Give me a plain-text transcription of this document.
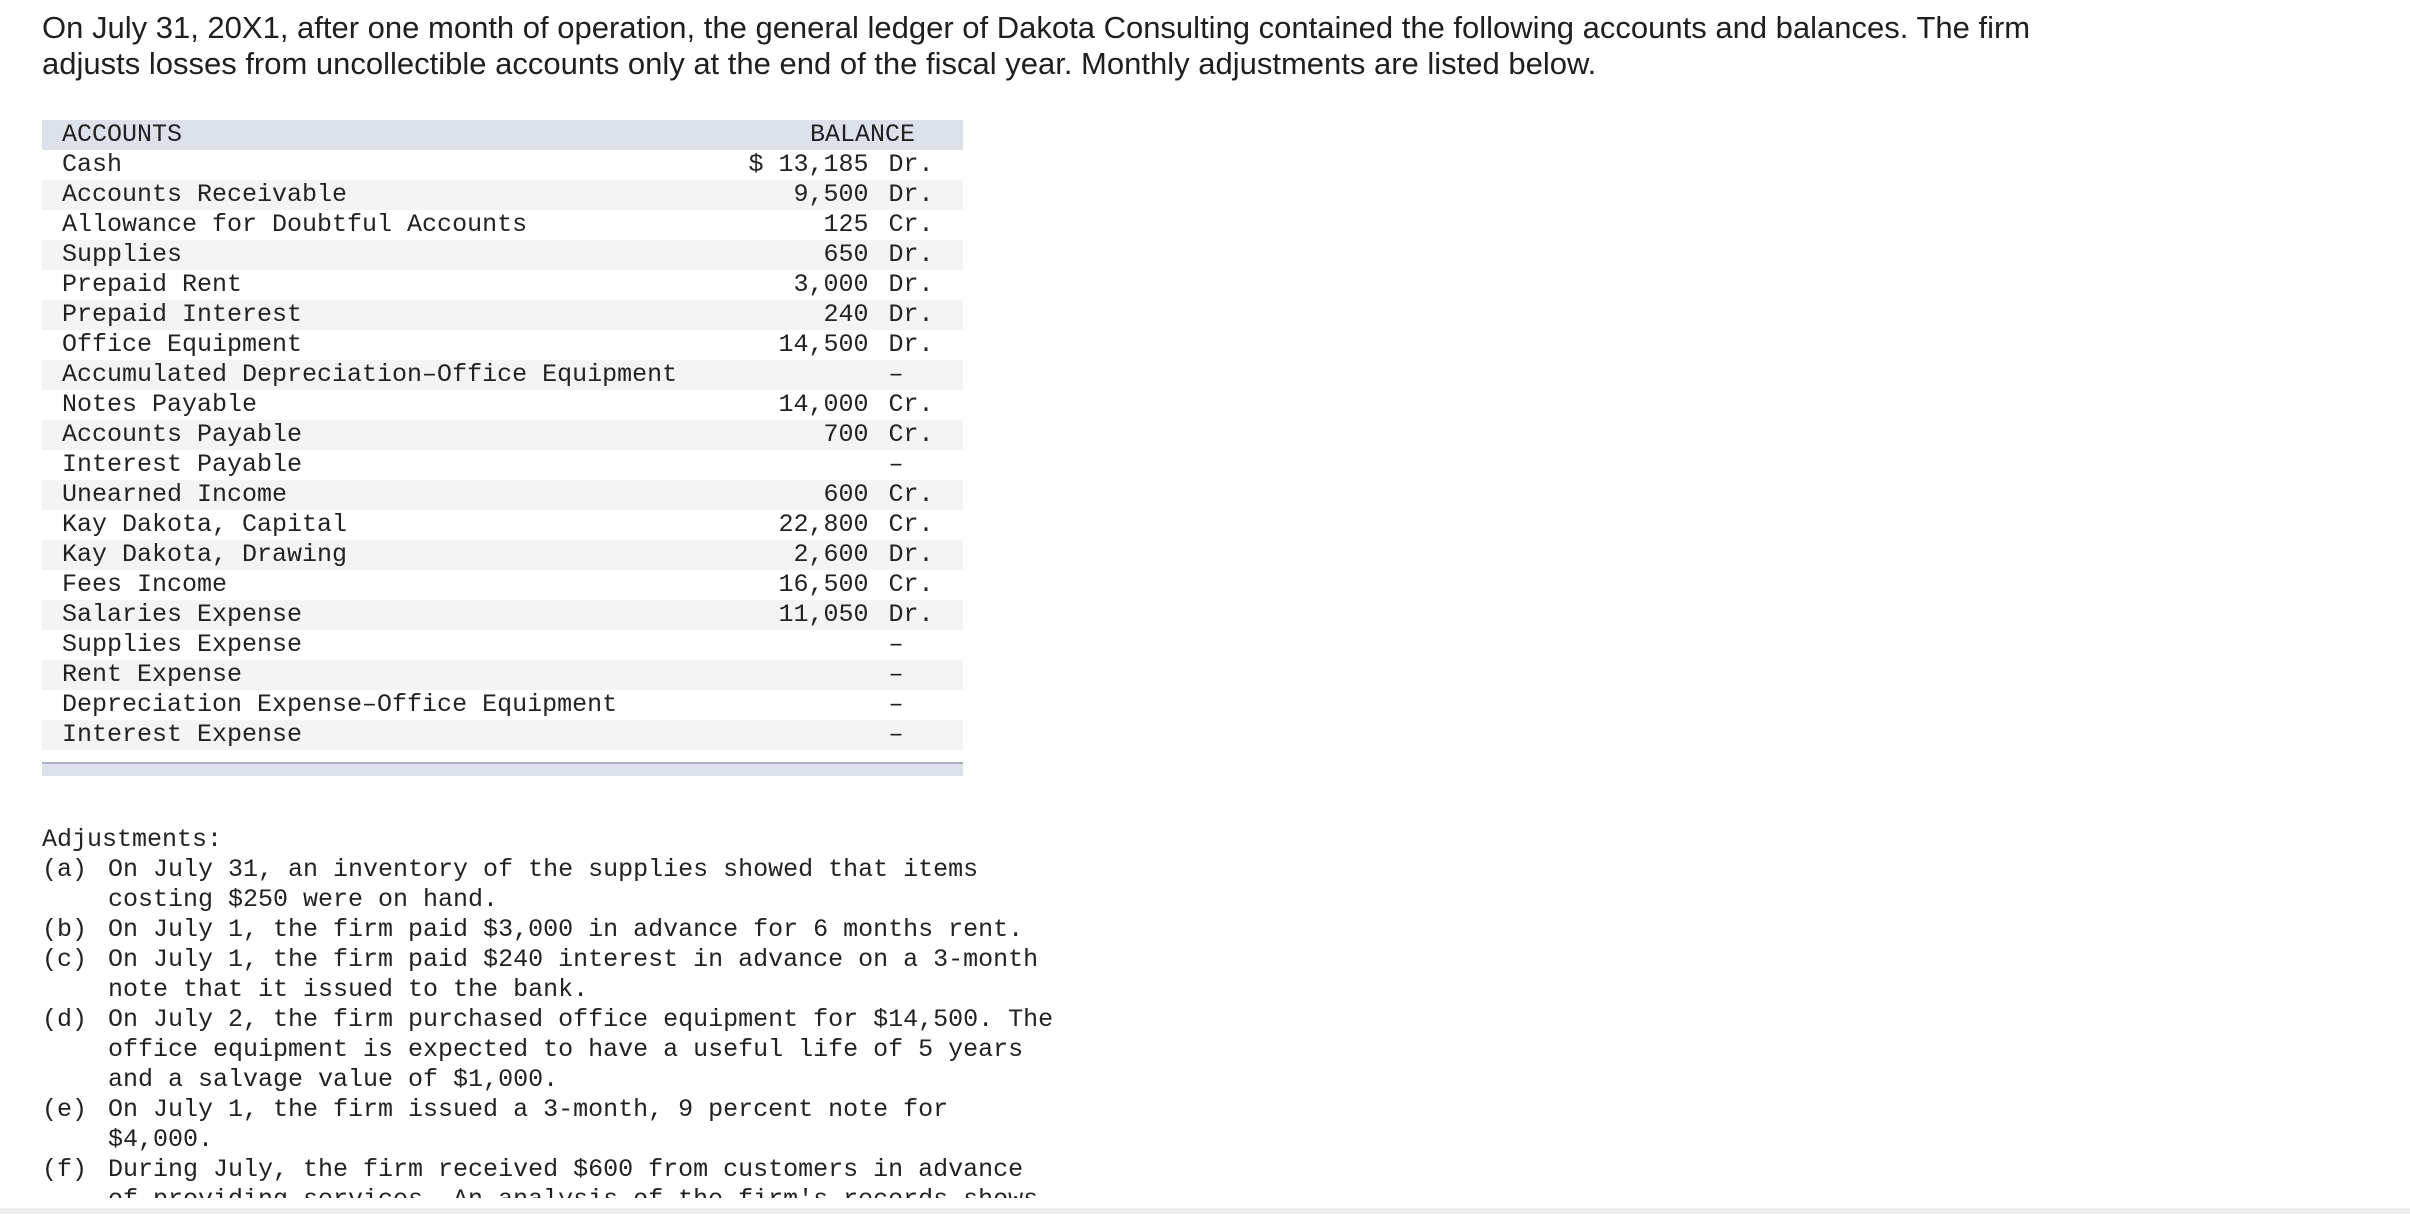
On July 31, 20X1, after one month of operation, the general ledger of Dakota Consulting contained the following accounts and balances. The firm adjusts losses from uncollectible accounts only at the end of the fiscal year. Monthly adjustments are listed below.

ACCOUNTS	BALANCE	
Cash	$ 13,185	Dr.
Accounts Receivable	9,500	Dr.
Allowance for Doubtful Accounts	125	Cr.
Supplies	650	Dr.
Prepaid Rent	3,000	Dr.
Prepaid Interest	240	Dr.
Office Equipment	14,500	Dr.
Accumulated Depreciation–Office Equipment		–
Notes Payable	14,000	Cr.
Accounts Payable	700	Cr.
Interest Payable		–
Unearned Income	600	Cr.
Kay Dakota, Capital	22,800	Cr.
Kay Dakota, Drawing	2,600	Dr.
Fees Income	16,500	Cr.
Salaries Expense	11,050	Dr.
Supplies Expense		–
Rent Expense		–
Depreciation Expense–Office Equipment		–
Interest Expense		–

Adjustments:
(a) On July 31, an inventory of the supplies showed that items costing $250 were on hand.
(b) On July 1, the firm paid $3,000 in advance for 6 months rent.
(c) On July 1, the firm paid $240 interest in advance on a 3-month note that it issued to the bank.
(d) On July 2, the firm purchased office equipment for $14,500. The office equipment is expected to have a useful life of 5 years and a salvage value of $1,000.
(e) On July 1, the firm issued a 3-month, 9 percent note for $4,000.
(f) During July, the firm received $600 from customers in advance
